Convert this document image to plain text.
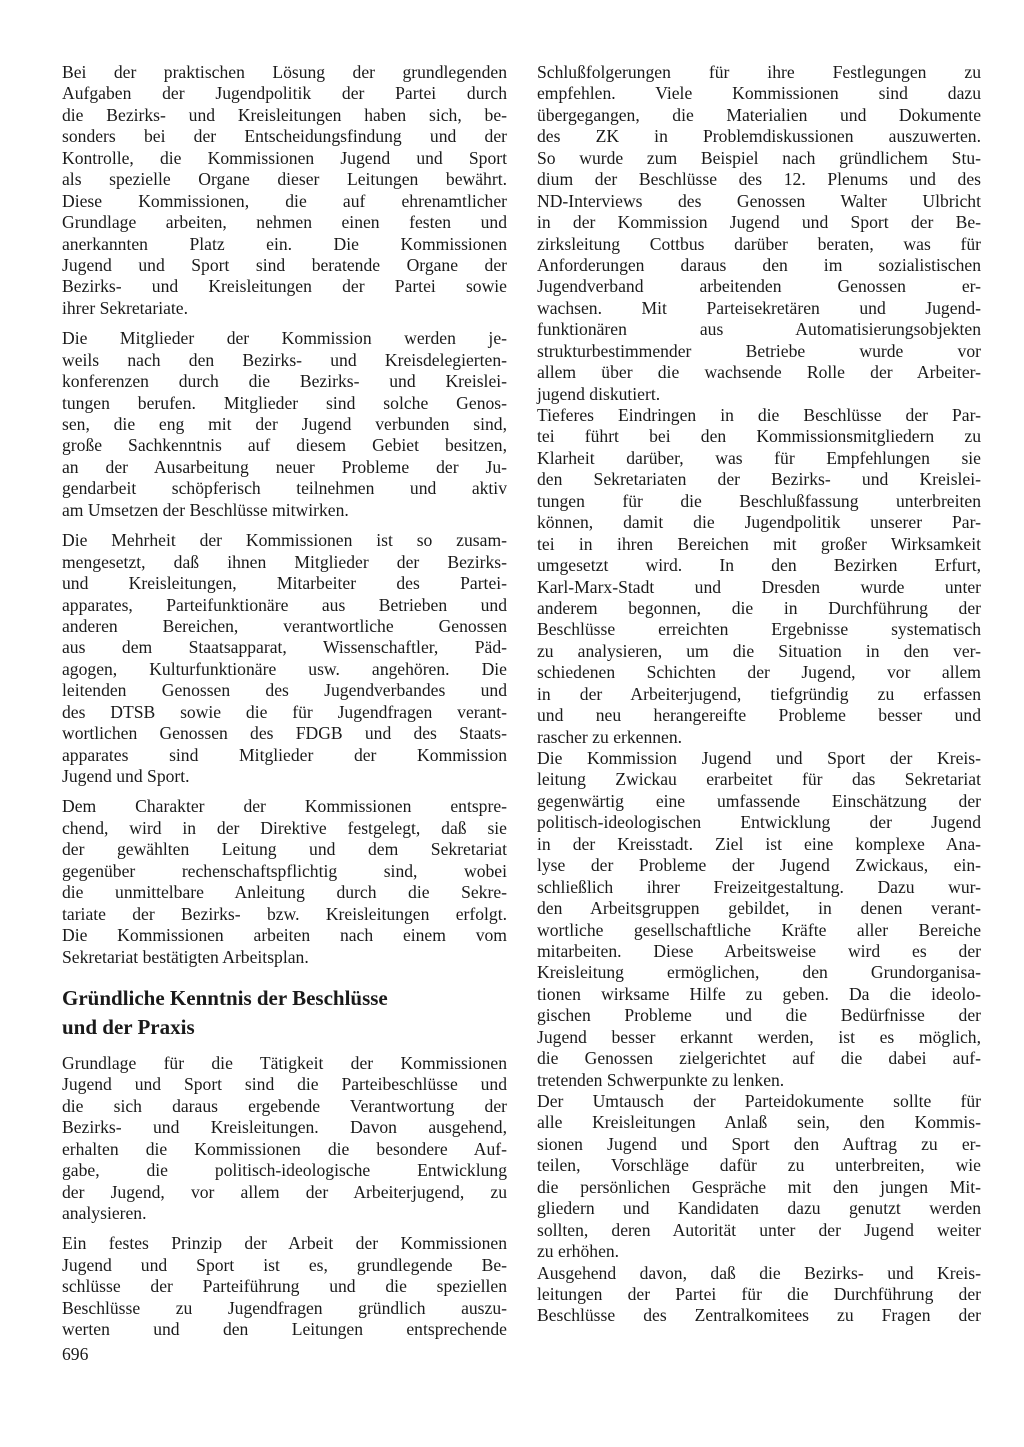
Bei der praktischen Lösung der grundlegenden
Aufgaben der Jugendpolitik der Partei durch
die Bezirks- und Kreisleitungen haben sich, be-
sonders bei der Entscheidungsfindung und der
Kontrolle, die Kommissionen Jugend und Sport
als spezielle Organe dieser Leitungen bewährt.
Diese Kommissionen, die auf ehrenamtlicher
Grundlage arbeiten, nehmen einen festen und
anerkannten Platz ein. Die Kommissionen
Jugend und Sport sind beratende Organe der
Bezirks- und Kreisleitungen der Partei sowie
ihrer Sekretariate.
Die Mitglieder der Kommission werden je-
weils nach den Bezirks- und Kreisdelegierten-
konferenzen durch die Bezirks- und Kreislei-
tungen berufen. Mitglieder sind solche Genos-
sen, die eng mit der Jugend verbunden sind,
große Sachkenntnis auf diesem Gebiet besitzen,
an der Ausarbeitung neuer Probleme der Ju-
gendarbeit schöpferisch teilnehmen und aktiv
am Umsetzen der Beschlüsse mitwirken.
Die Mehrheit der Kommissionen ist so zusam-
mengesetzt, daß ihnen Mitglieder der Bezirks-
und Kreisleitungen, Mitarbeiter des Partei-
apparates, Parteifunktionäre aus Betrieben und
anderen Bereichen, verantwortliche Genossen
aus dem Staatsapparat, Wissenschaftler, Päd-
agogen, Kulturfunktionäre usw. angehören. Die
leitenden Genossen des Jugendverbandes und
des DTSB sowie die für Jugendfragen verant-
wortlichen Genossen des FDGB und des Staats-
apparates sind Mitglieder der Kommission
Jugend und Sport.
Dem Charakter der Kommissionen entspre-
chend, wird in der Direktive festgelegt, daß sie
der gewählten Leitung und dem Sekretariat
gegenüber rechenschaftspflichtig sind, wobei
die unmittelbare Anleitung durch die Sekre-
tariate der Bezirks- bzw. Kreisleitungen erfolgt.
Die Kommissionen arbeiten nach einem vom
Sekretariat bestätigten Arbeitsplan.
Gründliche Kenntnis der Beschlüsse
und der Praxis
Grundlage für die Tätigkeit der Kommissionen
Jugend und Sport sind die Parteibeschlüsse und
die sich daraus ergebende Verantwortung der
Bezirks- und Kreisleitungen. Davon ausgehend,
erhalten die Kommissionen die besondere Auf-
gabe, die politisch-ideologische Entwicklung
der Jugend, vor allem der Arbeiterjugend, zu
analysieren.
Ein festes Prinzip der Arbeit der Kommissionen
Jugend und Sport ist es, grundlegende Be-
schlüsse der Parteiführung und die speziellen
Beschlüsse zu Jugendfragen gründlich auszu-
werten und den Leitungen entsprechende
Schlußfolgerungen für ihre Festlegungen zu
empfehlen. Viele Kommissionen sind dazu
übergegangen, die Materialien und Dokumente
des ZK in Problemdiskussionen auszuwerten.
So wurde zum Beispiel nach gründlichem Stu-
dium der Beschlüsse des 12. Plenums und des
ND-Interviews des Genossen Walter Ulbricht
in der Kommission Jugend und Sport der Be-
zirksleitung Cottbus darüber beraten, was für
Anforderungen daraus den im sozialistischen
Jugendverband arbeitenden Genossen er-
wachsen. Mit Parteisekretären und Jugend-
funktionären aus Automatisierungsobjekten
strukturbestimmender Betriebe wurde vor
allem über die wachsende Rolle der Arbeiter-
jugend diskutiert.
Tieferes Eindringen in die Beschlüsse der Par-
tei führt bei den Kommissionsmitgliedern zu
Klarheit darüber, was für Empfehlungen sie
den Sekretariaten der Bezirks- und Kreislei-
tungen für die Beschlußfassung unterbreiten
können, damit die Jugendpolitik unserer Par-
tei in ihren Bereichen mit großer Wirksamkeit
umgesetzt wird. In den Bezirken Erfurt,
Karl-Marx-Stadt und Dresden wurde unter
anderem begonnen, die in Durchführung der
Beschlüsse erreichten Ergebnisse systematisch
zu analysieren, um die Situation in den ver-
schiedenen Schichten der Jugend, vor allem
in der Arbeiterjugend, tiefgründig zu erfassen
und neu herangereifte Probleme besser und
rascher zu erkennen.
Die Kommission Jugend und Sport der Kreis-
leitung Zwickau erarbeitet für das Sekretariat
gegenwärtig eine umfassende Einschätzung der
politisch-ideologischen Entwicklung der Jugend
in der Kreisstadt. Ziel ist eine komplexe Ana-
lyse der Probleme der Jugend Zwickaus, ein-
schließlich ihrer Freizeitgestaltung. Dazu wur-
den Arbeitsgruppen gebildet, in denen verant-
wortliche gesellschaftliche Kräfte aller Bereiche
mitarbeiten. Diese Arbeitsweise wird es der
Kreisleitung ermöglichen, den Grundorganisa-
tionen wirksame Hilfe zu geben. Da die ideolo-
gischen Probleme und die Bedürfnisse der
Jugend besser erkannt werden, ist es möglich,
die Genossen zielgerichtet auf die dabei auf-
tretenden Schwerpunkte zu lenken.
Der Umtausch der Parteidokumente sollte für
alle Kreisleitungen Anlaß sein, den Kommis-
sionen Jugend und Sport den Auftrag zu er-
teilen, Vorschläge dafür zu unterbreiten, wie
die persönlichen Gespräche mit den jungen Mit-
gliedern und Kandidaten dazu genutzt werden
sollten, deren Autorität unter der Jugend weiter
zu erhöhen.
Ausgehend davon, daß die Bezirks- und Kreis-
leitungen der Partei für die Durchführung der
Beschlüsse des Zentralkomitees zu Fragen der
696
